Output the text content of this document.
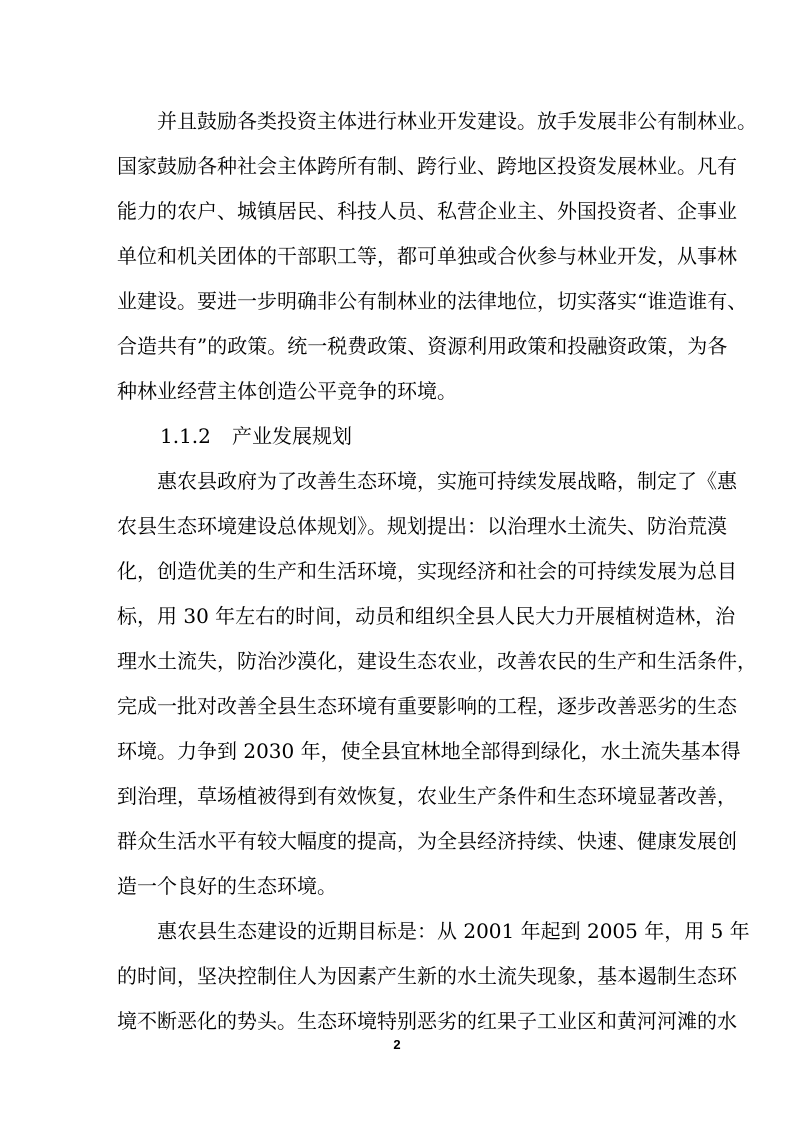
并且鼓励各类投资主体进行林业开发建设。放手发展非公有制林业。
国家鼓励各种社会主体跨所有制、跨行业、跨地区投资发展林业。凡有
能力的农户、城镇居民、科技人员、私营企业主、外国投资者、企事业
单位和机关团体的干部职工等，都可单独或合伙参与林业开发，从事林
业建设。要进一步明确非公有制林业的法律地位，切实落实“谁造谁有、
合造共有”的政策。统一税费政策、资源利用政策和投融资政策，为各
种林业经营主体创造公平竞争的环境。
1.1.2 产业发展规划
惠农县政府为了改善生态环境，实施可持续发展战略，制定了《惠
农县生态环境建设总体规划》。规划提出：以治理水土流失、防治荒漠
化，创造优美的生产和生活环境，实现经济和社会的可持续发展为总目
标，用 30 年左右的时间，动员和组织全县人民大力开展植树造林，治
理水土流失，防治沙漠化，建设生态农业，改善农民的生产和生活条件，
完成一批对改善全县生态环境有重要影响的工程，逐步改善恶劣的生态
环境。力争到 2030 年，使全县宜林地全部得到绿化，水土流失基本得
到治理，草场植被得到有效恢复，农业生产条件和生态环境显著改善，
群众生活水平有较大幅度的提高，为全县经济持续、快速、健康发展创
造一个良好的生态环境。
惠农县生态建设的近期目标是：从 2001 年起到 2005 年，用 5 年
的时间，坚决控制住人为因素产生新的水土流失现象，基本遏制生态环
境不断恶化的势头。生态环境特别恶劣的红果子工业区和黄河河滩的水
2
